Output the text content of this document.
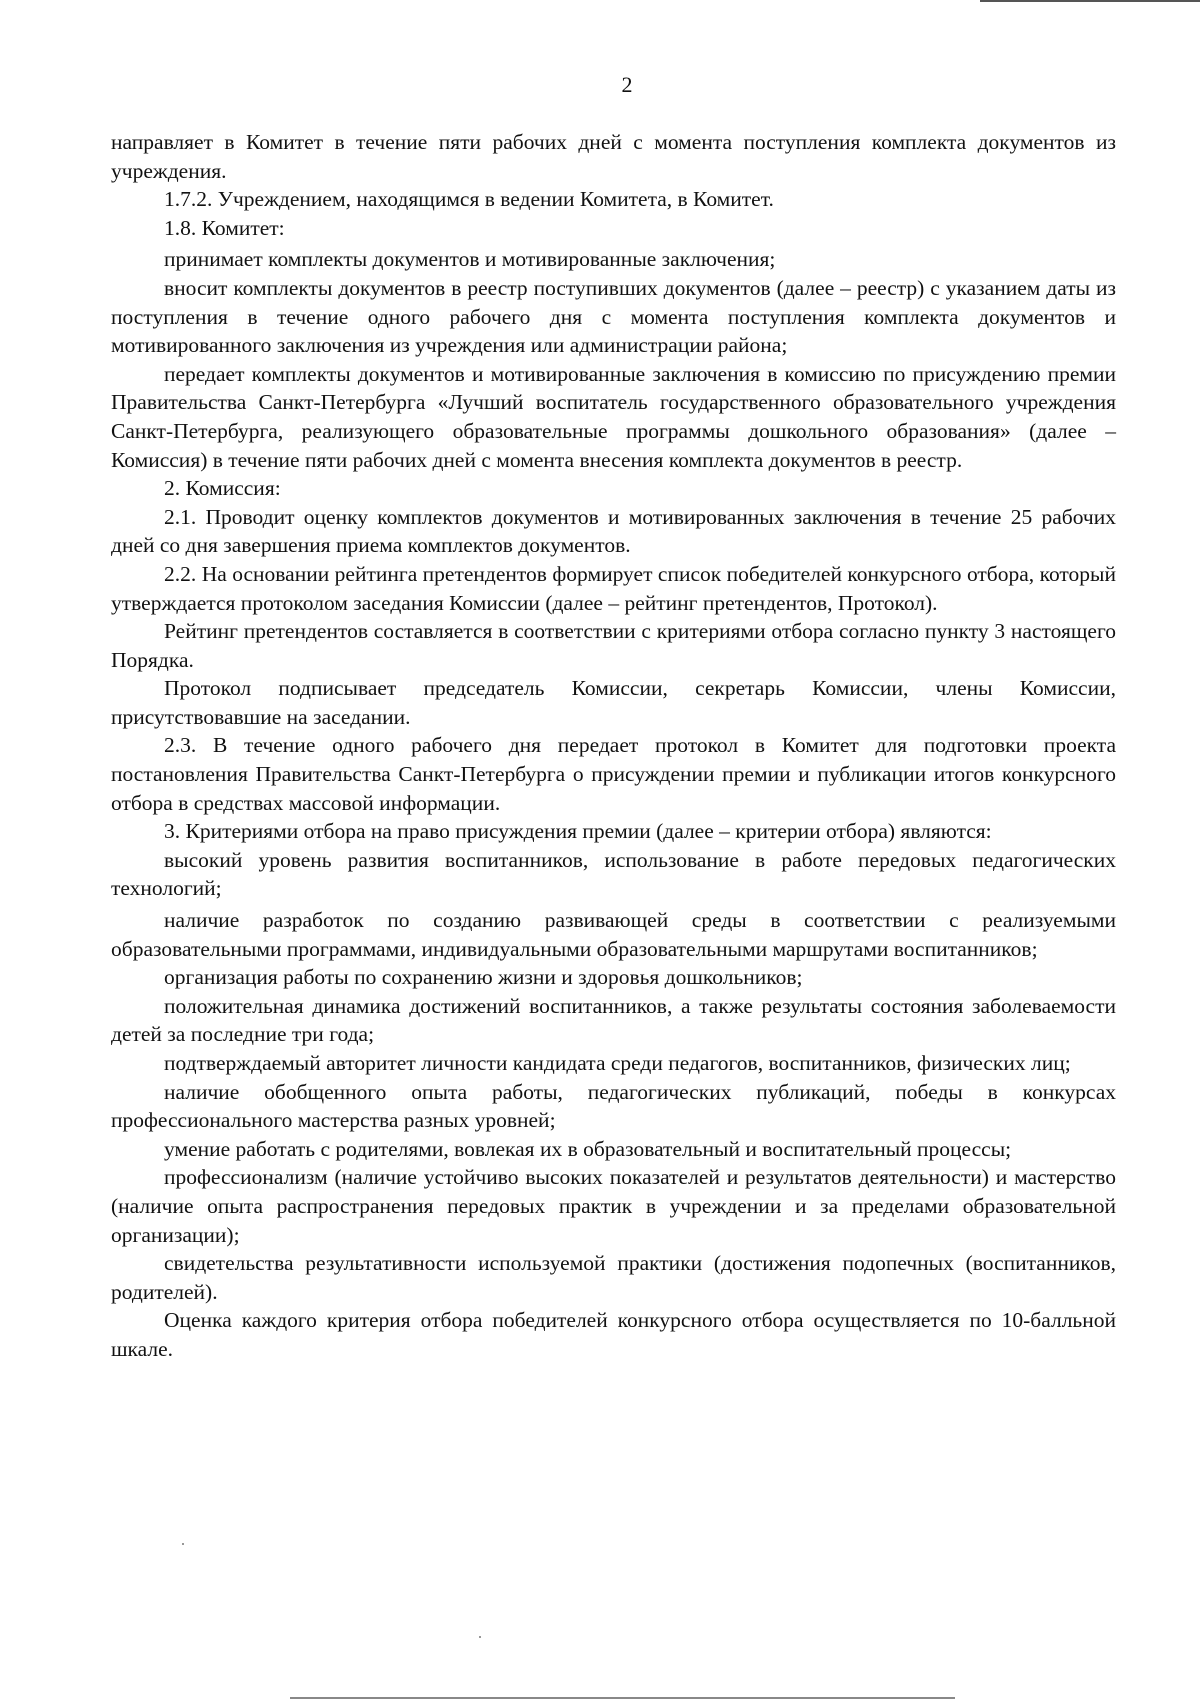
2

направляет в Комитет в течение пяти рабочих дней с момента поступления комплекта документов из учреждения.

1.7.2. Учреждением, находящимся в ведении Комитета, в Комитет.

1.8. Комитет:

принимает комплекты документов и мотивированные заключения;

вносит комплекты документов в реестр поступивших документов (далее – реестр) с указанием даты из поступления в течение одного рабочего дня с момента поступления комплекта документов и мотивированного заключения из учреждения или администрации района;

передает комплекты документов и мотивированные заключения в комиссию по присуждению премии Правительства Санкт-Петербурга «Лучший воспитатель государственного образовательного учреждения Санкт-Петербурга, реализующего образовательные программы дошкольного образования» (далее – Комиссия) в течение пяти рабочих дней с момента внесения комплекта документов в реестр.

2. Комиссия:

2.1. Проводит оценку комплектов документов и мотивированных заключения в течение 25 рабочих дней со дня завершения приема комплектов документов.

2.2. На основании рейтинга претендентов формирует список победителей конкурсного отбора, который утверждается протоколом заседания Комиссии (далее – рейтинг претендентов, Протокол).

Рейтинг претендентов составляется в соответствии с критериями отбора согласно пункту 3 настоящего Порядка.

Протокол подписывает председатель Комиссии, секретарь Комиссии, члены Комиссии, присутствовавшие на заседании.

2.3. В течение одного рабочего дня передает протокол в Комитет для подготовки проекта постановления Правительства Санкт-Петербурга о присуждении премии и публикации итогов конкурсного отбора в средствах массовой информации.

3. Критериями отбора на право присуждения премии (далее – критерии отбора) являются:

высокий уровень развития воспитанников, использование в работе передовых педагогических технологий;

наличие разработок по созданию развивающей среды в соответствии с реализуемыми образовательными программами, индивидуальными образовательными маршрутами воспитанников;

организация работы по сохранению жизни и здоровья дошкольников;

положительная динамика достижений воспитанников, а также результаты состояния заболеваемости детей за последние три года;

подтверждаемый авторитет личности кандидата среди педагогов, воспитанников, физических лиц;

наличие обобщенного опыта работы, педагогических публикаций, победы в конкурсах профессионального мастерства разных уровней;

умение работать с родителями, вовлекая их в образовательный и воспитательный процессы;

профессионализм (наличие устойчиво высоких показателей и результатов деятельности) и мастерство (наличие опыта распространения передовых практик в учреждении и за пределами образовательной организации);

свидетельства результативности используемой практики (достижения подопечных (воспитанников, родителей).

Оценка каждого критерия отбора победителей конкурсного отбора осуществляется по 10-балльной шкале.
